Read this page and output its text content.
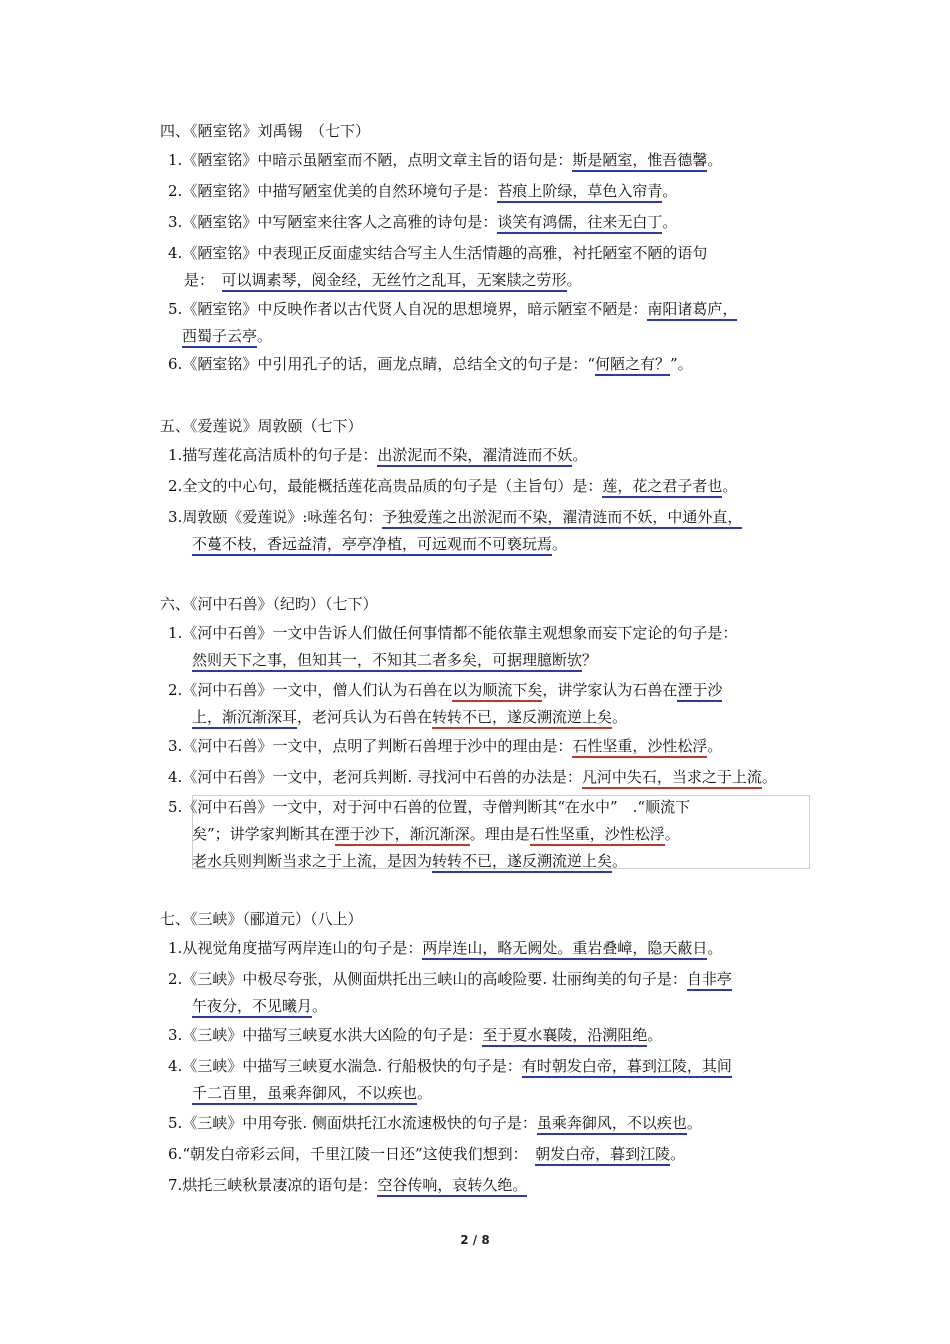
四、《陋室铭》刘禹锡　（七下）
1.《陋室铭》中暗示虽陋室而不陋，点明文章主旨的语句是：斯是陋室，惟吾德馨。
2.《陋室铭》中描写陋室优美的自然环境句子是：苔痕上阶绿，草色入帘青。
3.《陋室铭》中写陋室来往客人之高雅的诗句是：谈笑有鸿儒，往来无白丁。
4.《陋室铭》中表现正反面虚实结合写主人生活情趣的高雅，衬托陋室不陋的语句
是：　 可以调素琴，阅金经，无丝竹之乱耳，无案牍之劳形。
5.《陋室铭》中反映作者以古代贤人自况的思想境界，暗示陋室不陋是：南阳诸葛庐，
西蜀子云亭。
6.《陋室铭》中引用孔子的话，画龙点睛，总结全文的句子是：“何陋之有？”。
五、《爱莲说》周敦颐（七下）
1.描写莲花高洁质朴的句子是：出淤泥而不染，濯清涟而不妖。
2.全文的中心句，最能概括莲花高贵品质的句子是（主旨句）是：莲，花之君子者也。
3.周敦颐《爱莲说》:咏莲名句：予独爱莲之出淤泥而不染，濯清涟而不妖，中通外直，
不蔓不枝，香远益清，亭亭净植，可远观而不可亵玩焉。
六、《河中石兽》（纪昀）（七下）
1.《河中石兽》一文中告诉人们做任何事情都不能依靠主观想象而妄下定论的句子是：
然则天下之事，但知其一，不知其二者多矣，可据理臆断欤？
2.《河中石兽》一文中，僧人们认为石兽在以为顺流下矣，讲学家认为石兽在湮于沙
上，渐沉渐深耳，老河兵认为石兽在转转不已，遂反溯流逆上矣。
3.《河中石兽》一文中，点明了判断石兽埋于沙中的理由是：石性坚重，沙性松浮。
4.《河中石兽》一文中，老河兵判断. 寻找河中石兽的办法是：凡河中失石，当求之于上流。
5.《河中石兽》一文中，对于河中石兽的位置，寺僧判断其“在水中”　.“顺流下
矣”；讲学家判断其在湮于沙下，渐沉渐深。理由是石性坚重，沙性松浮。
老水兵则判断当求之于上流，是因为转转不已，遂反溯流逆上矣。
七、《三峡》（郦道元）（八上）
1.从视觉角度描写两岸连山的句子是：两岸连山，略无阙处。重岩叠嶂，隐天蔽日。
2.《三峡》中极尽夸张，从侧面烘托出三峡山的高峻险要. 壮丽绚美的句子是：自非亭
午夜分，不见曦月。
3.《三峡》中描写三峡夏水洪大凶险的句子是：至于夏水襄陵，沿溯阻绝。
4.《三峡》中描写三峡夏水湍急. 行船极快的句子是：有时朝发白帝，暮到江陵，其间
千二百里，虽乘奔御风，不以疾也。
5.《三峡》中用夸张. 侧面烘托江水流速极快的句子是：虽乘奔御风，不以疾也。
6.“朝发白帝彩云间，千里江陵一日还”这使我们想到：  朝发白帝，暮到江陵。
7.烘托三峡秋景凄凉的语句是：空谷传响，哀转久绝。
2 / 8
